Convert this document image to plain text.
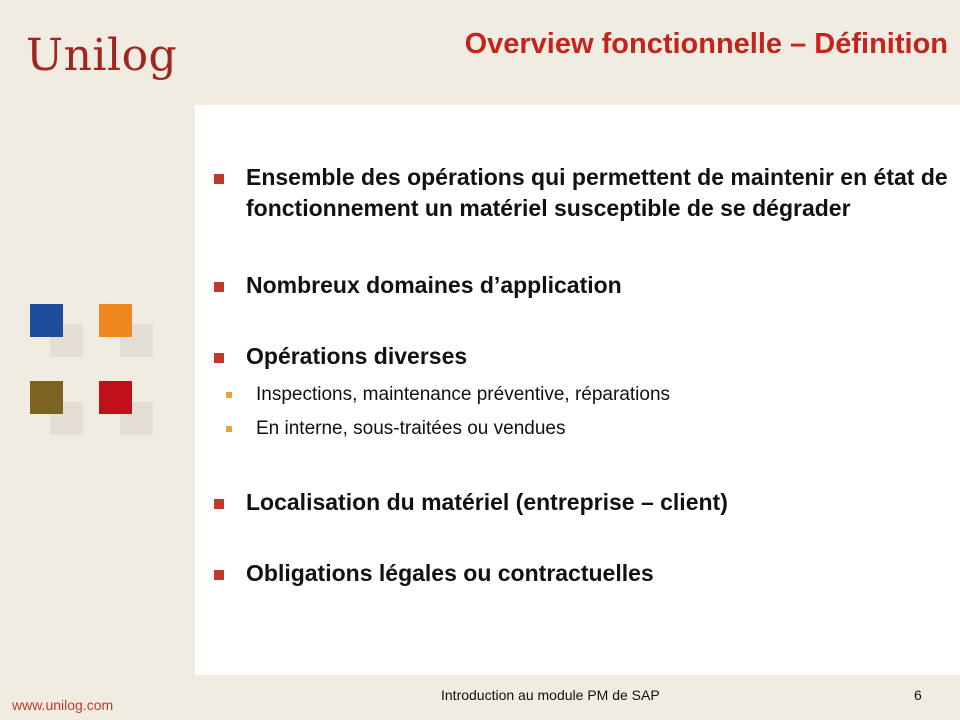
Unilog	Overview fonctionnelle – Définition
Ensemble des opérations qui permettent de maintenir en état de fonctionnement un matériel susceptible de se dégrader
Nombreux domaines d’application
Opérations diverses
Inspections, maintenance préventive, réparations
En interne, sous-traitées ou vendues
Localisation du matériel (entreprise – client)
Obligations légales ou contractuelles
www.unilog.com
Introduction au module PM de SAP	6
